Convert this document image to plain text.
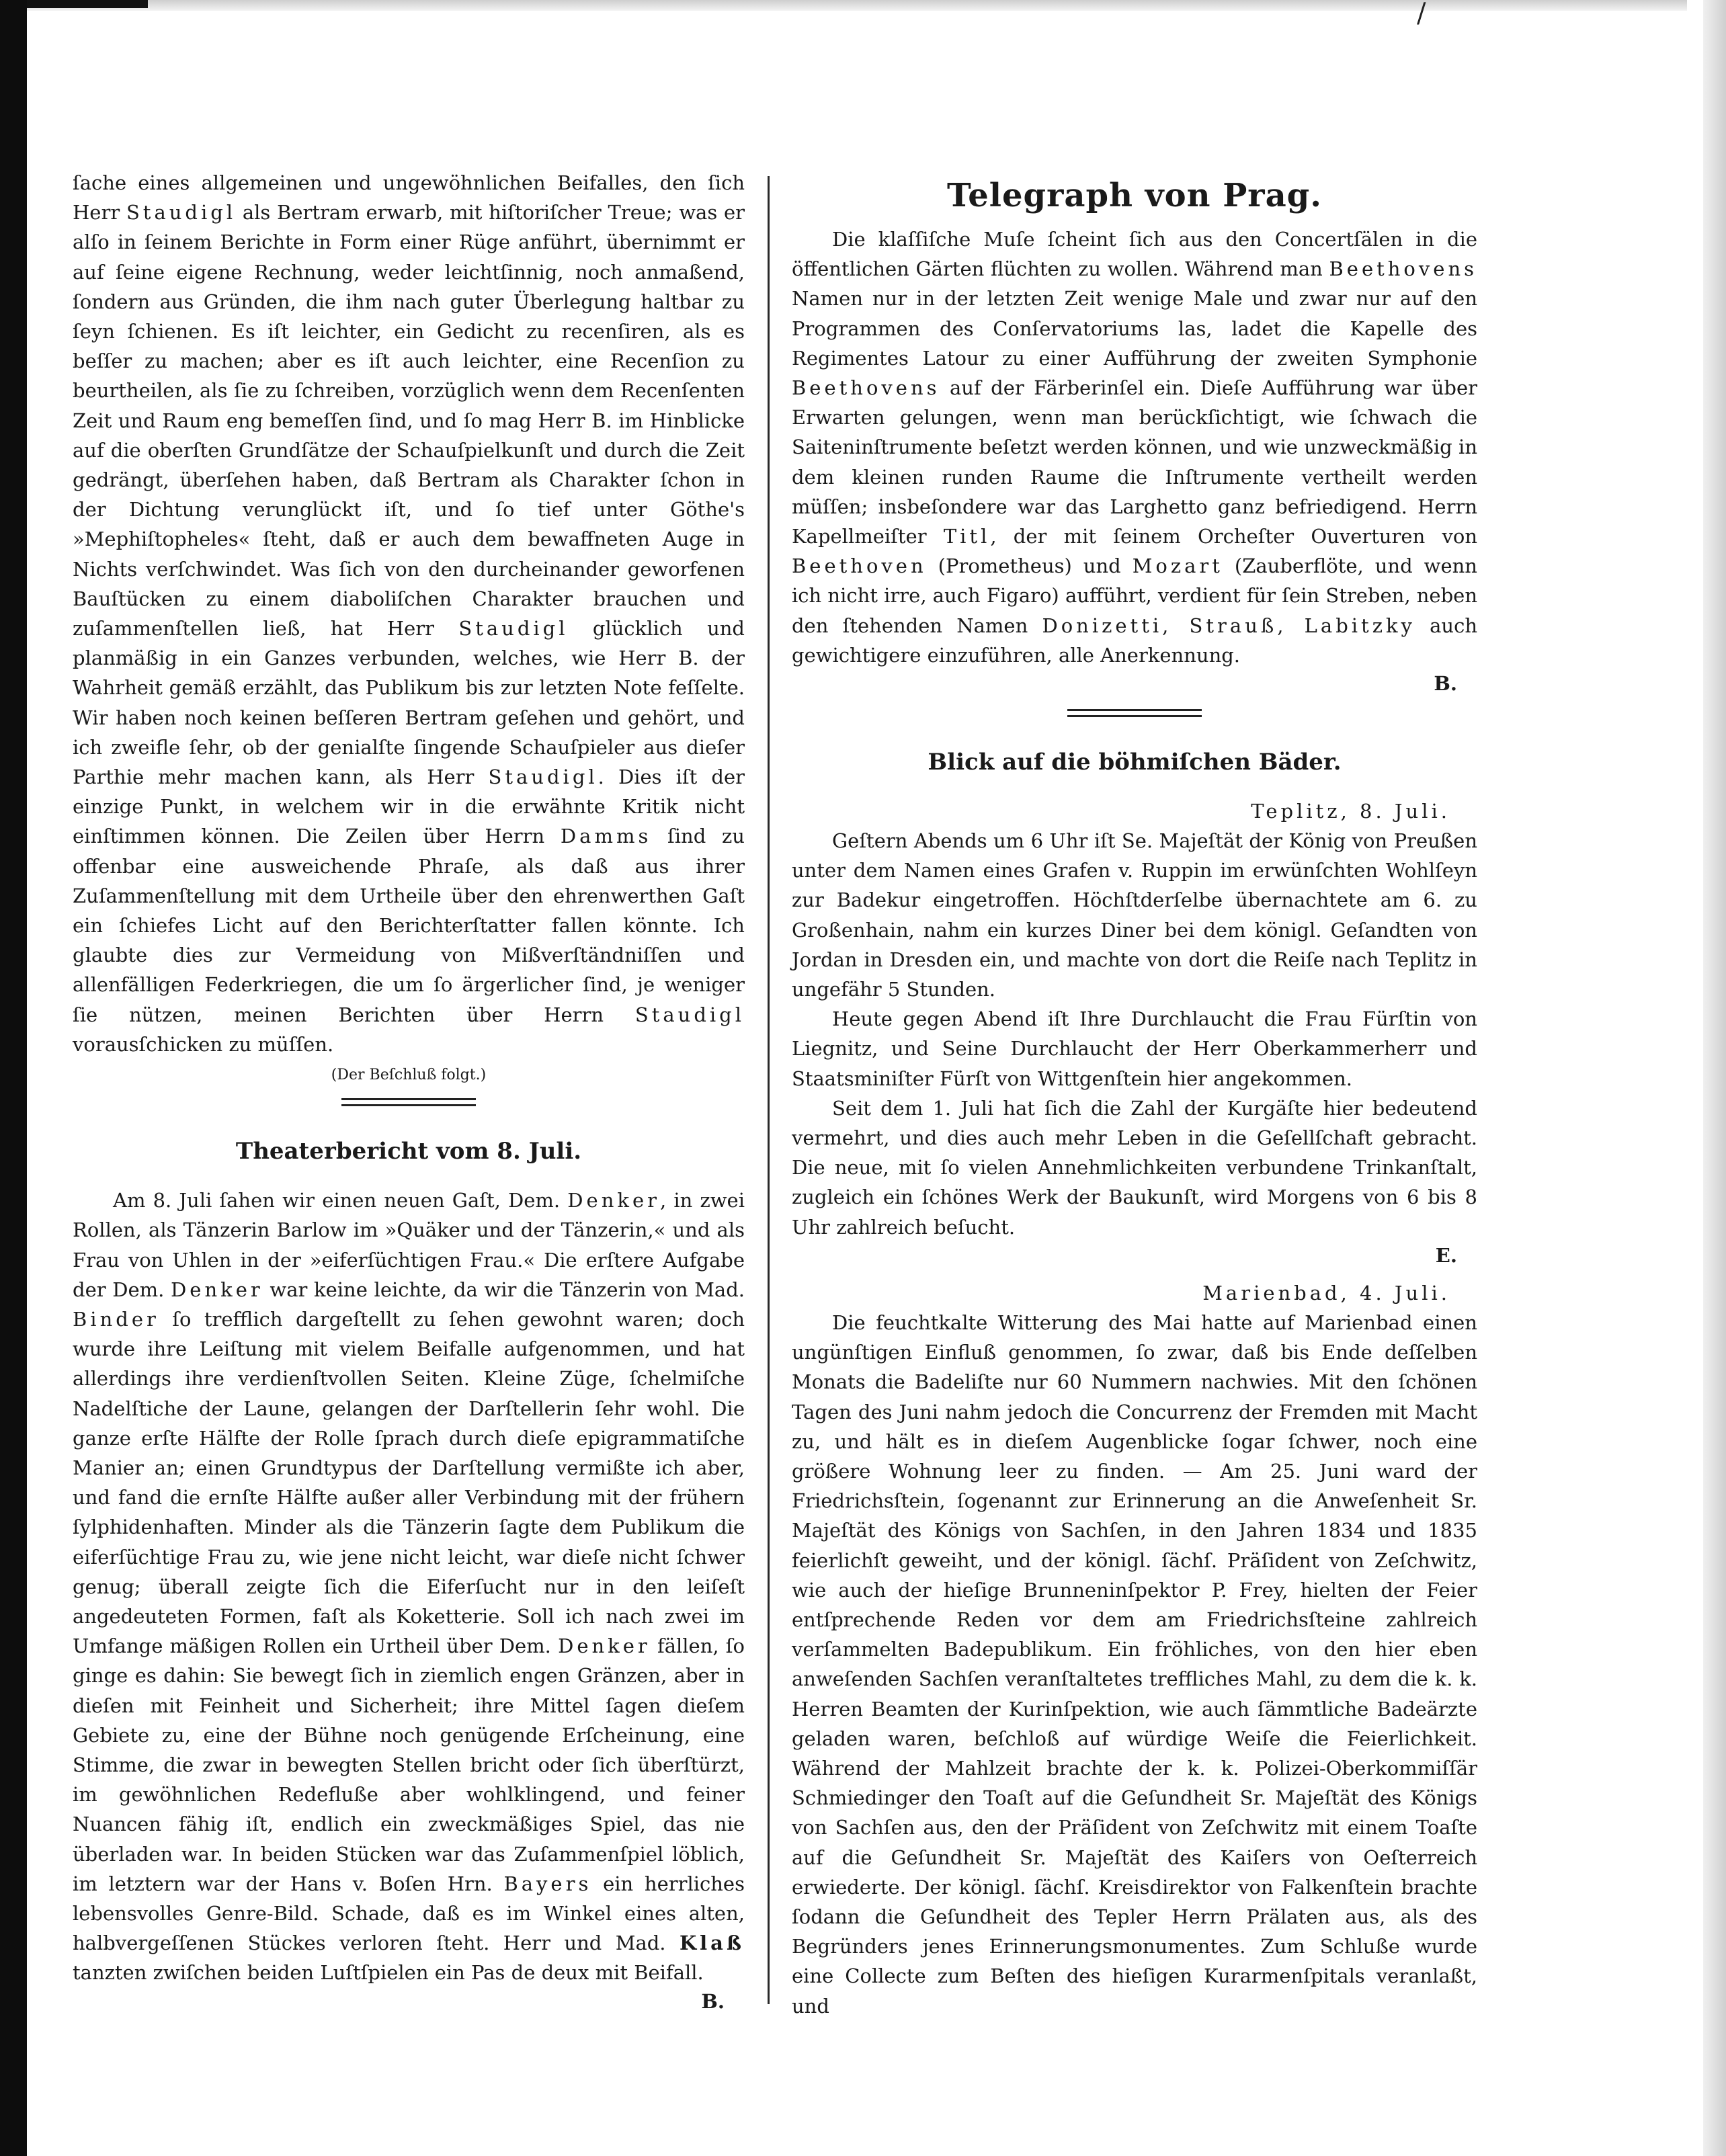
/

ſache eines allgemeinen und ungewöhnlichen Beifalles, den ſich Herr Staudigl als Bertram erwarb, mit hiſtoriſcher Treue; was er alſo in ſeinem Berichte in Form einer Rüge anführt, übernimmt er auf ſeine eigene Rechnung, weder leichtſinnig, noch anmaßend, ſondern aus Gründen, die ihm nach guter Überlegung haltbar zu ſeyn ſchienen. Es iſt leichter, ein Gedicht zu recenſiren, als es beſſer zu machen; aber es iſt auch leichter, eine Recenſion zu beurtheilen, als ſie zu ſchreiben, vorzüglich wenn dem Recenſenten Zeit und Raum eng bemeſſen ſind, und ſo mag Herr B. im Hinblicke auf die oberſten Grundſätze der Schauſpielkunſt und durch die Zeit gedrängt, überſehen haben, daß Bertram als Charakter ſchon in der Dichtung verunglückt iſt, und ſo tief unter Göthe's »Mephiſtopheles« ſteht, daß er auch dem bewaffneten Auge in Nichts verſchwindet. Was ſich von den durcheinander geworfenen Bauſtücken zu einem diaboliſchen Charakter brauchen und zuſammenſtellen ließ, hat Herr Staudigl glücklich und planmäßig in ein Ganzes verbunden, welches, wie Herr B. der Wahrheit gemäß erzählt, das Publikum bis zur letzten Note feſſelte. Wir haben noch keinen beſſeren Bertram geſehen und gehört, und ich zweifle ſehr, ob der genialſte ſingende Schauſpieler aus dieſer Parthie mehr machen kann, als Herr Staudigl. Dies iſt der einzige Punkt, in welchem wir in die erwähnte Kritik nicht einſtimmen können. Die Zeilen über Herrn Damms ſind zu offenbar eine ausweichende Phraſe, als daß aus ihrer Zuſammenſtellung mit dem Urtheile über den ehrenwerthen Gaſt ein ſchiefes Licht auf den Berichterſtatter fallen könnte. Ich glaubte dies zur Vermeidung von Mißverſtändniſſen und allenfälligen Federkriegen, die um ſo ärgerlicher ſind, je weniger ſie nützen, meinen Berichten über Herrn Staudigl vorausſchicken zu müſſen.

(Der Beſchluß folgt.)
Theaterbericht vom 8. Juli.

Am 8. Juli ſahen wir einen neuen Gaſt, Dem. Denker, in zwei Rollen, als Tänzerin Barlow im »Quäker und der Tänzerin,« und als Frau von Uhlen in der »eiferſüchtigen Frau.« Die erſtere Aufgabe der Dem. Denker war keine leichte, da wir die Tänzerin von Mad. Binder ſo trefflich dargeſtellt zu ſehen gewohnt waren; doch wurde ihre Leiſtung mit vielem Beifalle aufgenommen, und hat allerdings ihre verdienſtvollen Seiten. Kleine Züge, ſchelmiſche Nadelſtiche der Laune, gelangen der Darſtellerin ſehr wohl. Die ganze erſte Hälfte der Rolle ſprach durch dieſe epigrammatiſche Manier an; einen Grundtypus der Darſtellung vermißte ich aber, und fand die ernſte Hälfte außer aller Verbindung mit der frühern ſylphidenhaften. Minder als die Tänzerin ſagte dem Publikum die eiferſüchtige Frau zu, wie jene nicht leicht, war dieſe nicht ſchwer genug; überall zeigte ſich die Eiferſucht nur in den leiſeſt angedeuteten Formen, faſt als Koketterie. Soll ich nach zwei im Umfange mäßigen Rollen ein Urtheil über Dem. Denker fällen, ſo ginge es dahin: Sie bewegt ſich in ziemlich engen Gränzen, aber in dieſen mit Feinheit und Sicherheit; ihre Mittel ſagen dieſem Gebiete zu, eine der Bühne noch genügende Erſcheinung, eine Stimme, die zwar in bewegten Stellen bricht oder ſich überſtürzt, im gewöhnlichen Redefluße aber wohlklingend, und feiner Nuancen fähig iſt, endlich ein zweckmäßiges Spiel, das nie überladen war. In beiden Stücken war das Zuſammenſpiel löblich, im letztern war der Hans v. Boſen Hrn. Bayers ein herrliches lebensvolles Genre-Bild. Schade, daß es im Winkel eines alten, halbvergeſſenen Stückes verloren ſteht. Herr und Mad. Klaß tanzten zwiſchen beiden Luſtſpielen ein Pas de deux mit Beifall.

B.
Telegraph von Prag.

Die klaſſiſche Muſe ſcheint ſich aus den Concertſälen in die öffentlichen Gärten flüchten zu wollen. Während man Beethovens Namen nur in der letzten Zeit wenige Male und zwar nur auf den Programmen des Conſervatoriums las, ladet die Kapelle des Regimentes Latour zu einer Aufführung der zweiten Symphonie Beethovens auf der Färberinſel ein. Dieſe Aufführung war über Erwarten gelungen, wenn man berückſichtigt, wie ſchwach die Saiteninſtrumente beſetzt werden können, und wie unzweckmäßig in dem kleinen runden Raume die Inſtrumente vertheilt werden müſſen; insbeſondere war das Larghetto ganz befriedigend. Herrn Kapellmeiſter Titl, der mit ſeinem Orcheſter Ouverturen von Beethoven (Prometheus) und Mozart (Zauberflöte, und wenn ich nicht irre, auch Figaro) aufführt, verdient für ſein Streben, neben den ſtehenden Namen Donizetti, Strauß, Labitzky auch gewichtigere einzuführen, alle Anerkennung.

B.
Blick auf die böhmiſchen Bäder.
Teplitz, 8. Juli.

Geſtern Abends um 6 Uhr iſt Se. Majeſtät der König von Preußen unter dem Namen eines Grafen v. Ruppin im erwünſchten Wohlſeyn zur Badekur eingetroffen. Höchſtderſelbe übernachtete am 6. zu Großenhain, nahm ein kurzes Diner bei dem königl. Geſandten von Jordan in Dresden ein, und machte von dort die Reiſe nach Teplitz in ungefähr 5 Stunden.

Heute gegen Abend iſt Ihre Durchlaucht die Frau Fürſtin von Liegnitz, und Seine Durchlaucht der Herr Oberkammerherr und Staatsminiſter Fürſt von Wittgenſtein hier angekommen.

Seit dem 1. Juli hat ſich die Zahl der Kurgäſte hier bedeutend vermehrt, und dies auch mehr Leben in die Geſellſchaft gebracht. Die neue, mit ſo vielen Annehmlichkeiten verbundene Trinkanſtalt, zugleich ein ſchönes Werk der Baukunſt, wird Morgens von 6 bis 8 Uhr zahlreich beſucht.

E.
Marienbad, 4. Juli.

Die feuchtkalte Witterung des Mai hatte auf Marienbad einen ungünſtigen Einfluß genommen, ſo zwar, daß bis Ende deſſelben Monats die Badeliſte nur 60 Nummern nachwies. Mit den ſchönen Tagen des Juni nahm jedoch die Concurrenz der Fremden mit Macht zu, und hält es in dieſem Augenblicke ſogar ſchwer, noch eine größere Wohnung leer zu finden. — Am 25. Juni ward der Friedrichsſtein, ſogenannt zur Erinnerung an die Anweſenheit Sr. Majeſtät des Königs von Sachſen, in den Jahren 1834 und 1835 feierlichſt geweiht, und der königl. ſächſ. Präſident von Zeſchwitz, wie auch der hieſige Brunneninſpektor P. Frey, hielten der Feier entſprechende Reden vor dem am Friedrichsſteine zahlreich verſammelten Badepublikum. Ein fröhliches, von den hier eben anweſenden Sachſen veranſtaltetes treffliches Mahl, zu dem die k. k. Herren Beamten der Kurinſpektion, wie auch ſämmtliche Badeärzte geladen waren, beſchloß auf würdige Weiſe die Feierlichkeit. Während der Mahlzeit brachte der k. k. Polizei-Oberkommiſſär Schmiedinger den Toaſt auf die Geſundheit Sr. Majeſtät des Königs von Sachſen aus, den der Präſident von Zeſchwitz mit einem Toaſte auf die Geſundheit Sr. Majeſtät des Kaiſers von Oeſterreich erwiederte. Der königl. ſächſ. Kreisdirektor von Falkenſtein brachte ſodann die Geſundheit des Tepler Herrn Prälaten aus, als des Begründers jenes Erinnerungsmonumentes. Zum Schluße wurde eine Collecte zum Beſten des hieſigen Kurarmenſpitals veranlaßt, und
